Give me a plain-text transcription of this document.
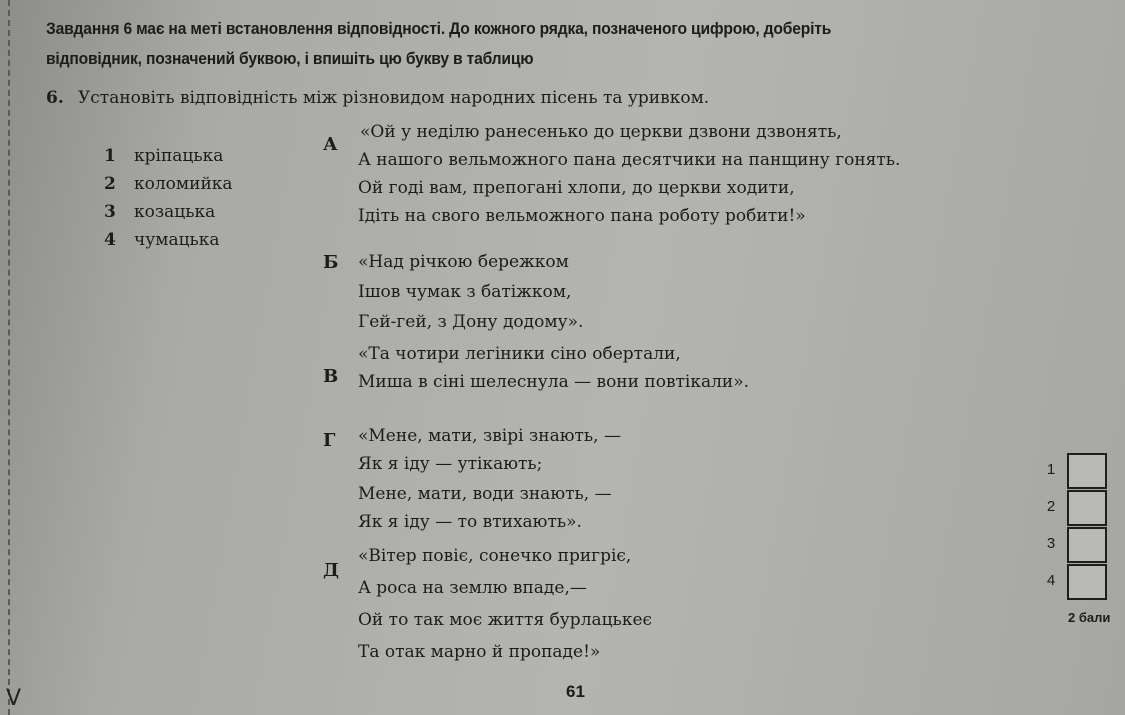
Завдання 6 має на меті встановлення відповідності. До кожного рядка, позначеного цифрою, доберіть
відповідник, позначений буквою, і впишіть цю букву в таблицю
6. Установіть відповідність між різновидом народних пісень та уривком.
1 кріпацька
2 коломийка
3 козацька
4 чумацька
А
«Ой у неділю ранесенько до церкви дзвони дзвонять,
А нашого вельможного пана десятчики на панщину гонять.
Ой годі вам, препогані хлопи, до церкви ходити,
Ідіть на свого вельможного пана роботу робити!»
Б «Над річкою бережком
Ішов чумак з батіжком,
Гей-гей, з Дону додому».
В
«Та чотири легіники сіно обертали,
Миша в сіні шелеснула — вони повтікали».
Г «Мене, мати, звірі знають, —
Як я іду — утікають;
Мене, мати, води знають, —
Як я іду — то втихають».
Д
«Вітер повіє, сонечко пригріє,
А роса на землю впаде,—
Ой то так моє життя бурлацькеє
Та отак марно й пропаде!»
1
2
3
4
2 бали
61
V
